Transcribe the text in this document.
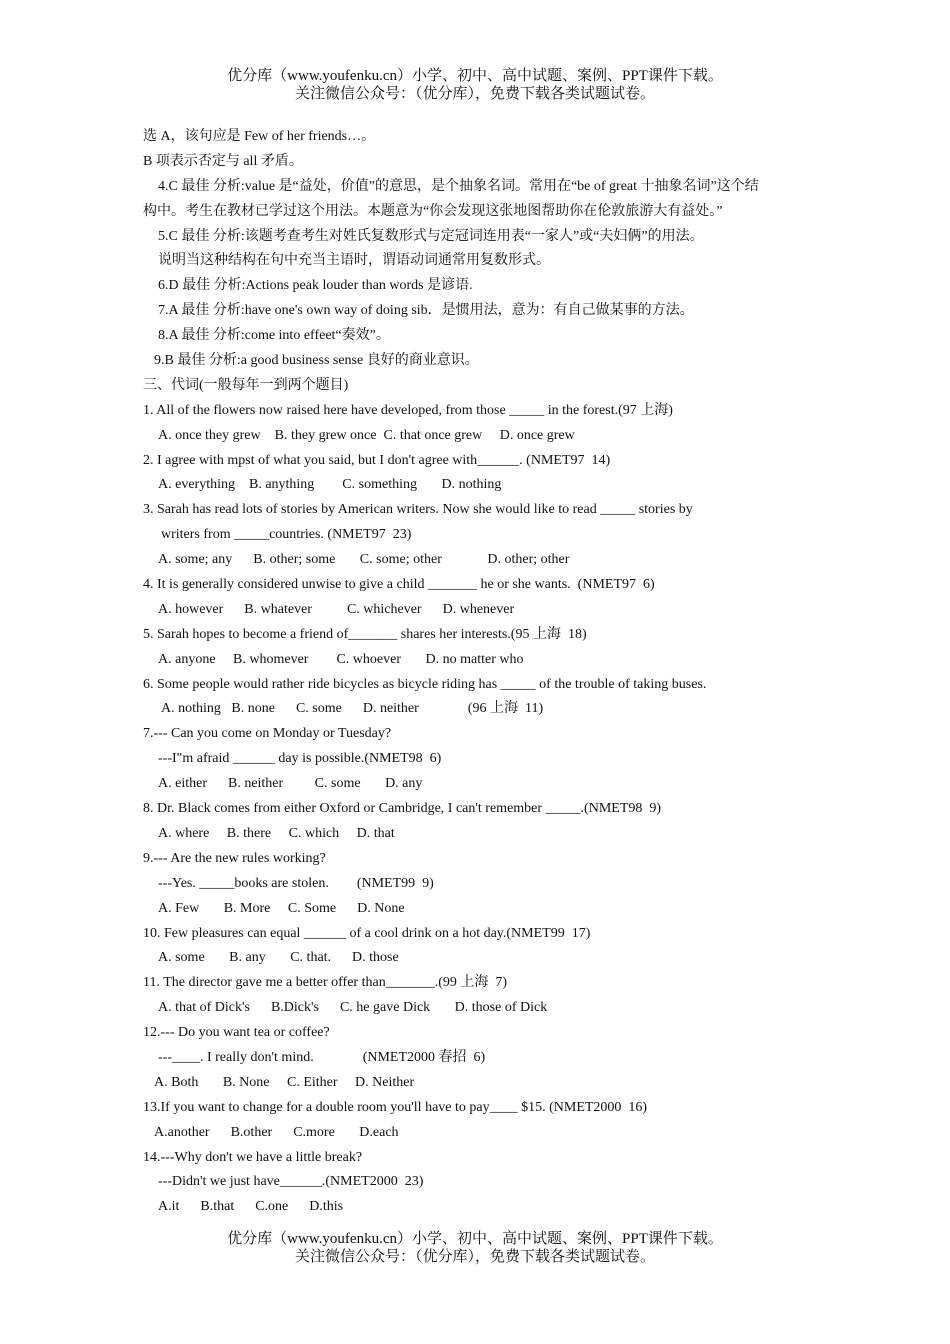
优分库（www.youfenku.cn）小学、初中、高中试题、案例、PPT课件下载。
关注微信公众号：（优分库），免费下载各类试题试卷。
选 A，该句应是 Few of her friends…。
B 项表示否定与 all 矛盾。
4.C 最佳 分析:value 是“益处，价值”的意思，是个抽象名词。常用在“be of great 十抽象名词”这个结
构中。考生在教材已学过这个用法。本题意为“你会发现这张地图帮助你在伦敦旅游大有益处。”
5.C 最佳 分析:该题考查考生对姓氏复数形式与定冠词连用表“一家人”或“夫妇俩”的用法。
说明当这种结构在句中充当主语时，谓语动词通常用复数形式。
6.D 最佳 分析:Actions peak louder than words 是谚语.
7.A 最佳 分析:have one's own way of doing sib．是惯用法，意为：有自己做某事的方法。
8.A 最佳 分析:come into effeet“奏效”。
9.B 最佳 分析:a good business sense 良好的商业意识。
三、代词(一般每年一到两个题目)
1. All of the flowers now raised here have developed, from those _____ in the forest.(97 上海)
A. once they grew    B. they grew once  C. that once grew     D. once grew
2. I agree with mpst of what you said, but I don't agree with______. (NMET97  14)
A. everything    B. anything        C. something       D. nothing
3. Sarah has read lots of stories by American writers. Now she would like to read _____ stories by
writers from _____countries. (NMET97  23)
A. some; any      B. other; some       C. some; other             D. other; other
4. It is generally considered unwise to give a child _______ he or she wants.  (NMET97  6)
A. however      B. whatever          C. whichever      D. whenever
5. Sarah hopes to become a friend of_______ shares her interests.(95 上海  18)
A. anyone     B. whomever        C. whoever       D. no matter who
6. Some people would rather ride bicycles as bicycle riding has _____ of the trouble of taking buses.
A. nothing   B. none      C. some      D. neither              (96 上海  11)
7.--- Can you come on Monday or Tuesday?
---I"m afraid ______ day is possible.(NMET98  6)
A. either      B. neither         C. some       D. any
8. Dr. Black comes from either Oxford or Cambridge, I can't remember _____.(NMET98  9)
A. where     B. there     C. which     D. that
9.--- Are the new rules working?
---Yes. _____books are stolen.        (NMET99  9)
A. Few       B. More     C. Some      D. None
10. Few pleasures can equal ______ of a cool drink on a hot day.(NMET99  17)
A. some       B. any       C. that.      D. those
11. The director gave me a better offer than_______.(99 上海  7)
A. that of Dick's      B.Dick's      C. he gave Dick       D. those of Dick
12.--- Do you want tea or coffee?
---____. I really don't mind.              (NMET2000 春招  6)
A. Both       B. None     C. Either     D. Neither
13.If you want to change for a double room you'll have to pay____ $15. (NMET2000  16)
A.another      B.other      C.more       D.each
14.---Why don't we have a little break?
---Didn't we just have______.(NMET2000  23)
A.it      B.that      C.one      D.this
优分库（www.youfenku.cn）小学、初中、高中试题、案例、PPT课件下载。
关注微信公众号：（优分库），免费下载各类试题试卷。
